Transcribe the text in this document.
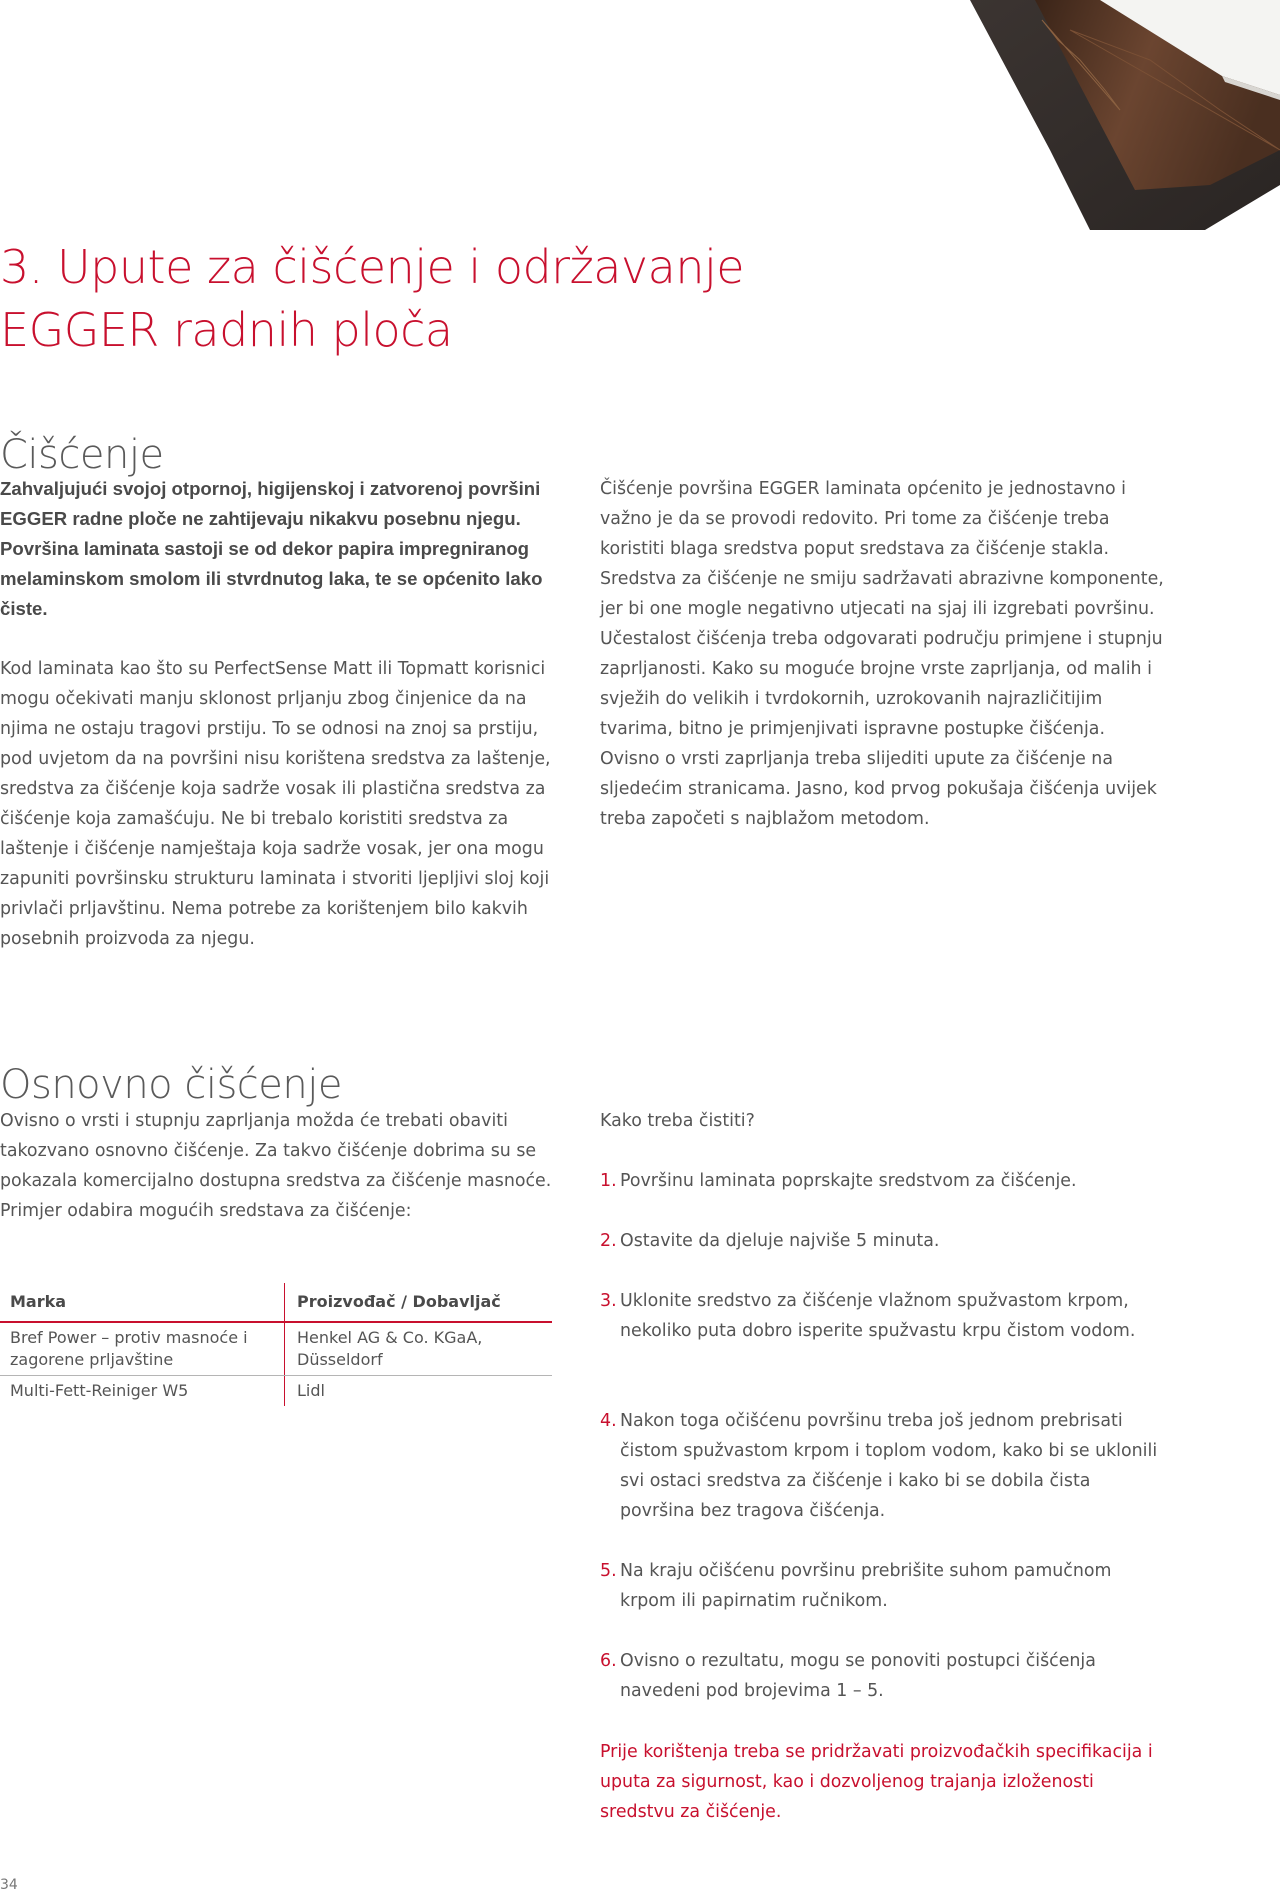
3. Upute za čišćenje i održavanje EGGER radnih ploča
Čišćenje

Zahvaljujući svojoj otpornoj, higijenskoj i zatvorenoj površini EGGER radne ploče ne zahtijevaju nikakvu posebnu njegu. Površina laminata sastoji se od dekor papira impregniranog melaminskom smolom ili stvrdnutog laka, te se općenito lako čiste.

Kod laminata kao što su PerfectSense Matt ili Topmatt korisnici mogu očekivati manju sklonost prljanju zbog činjenice da na njima ne ostaju tragovi prstiju. To se odnosi na znoj sa prstiju, pod uvjetom da na površini nisu korištena sredstva za laštenje, sredstva za čišćenje koja sadrže vosak ili plastična sredstva za čišćenje koja zamašćuju. Ne bi trebalo koristiti sredstva za laštenje i čišćenje namještaja koja sadrže vosak, jer ona mogu zapuniti površinsku strukturu laminata i stvoriti ljepljivi sloj koji privlači prljavštinu. Nema potrebe za korištenjem bilo kakvih posebnih proizvoda za njegu.

Čišćenje površina EGGER laminata općenito je jednostavno i važno je da se provodi redovito. Pri tome za čišćenje treba koristiti blaga sredstva poput sredstava za čišćenje stakla. Sredstva za čišćenje ne smiju sadržavati abrazivne komponente, jer bi one mogle negativno utjecati na sjaj ili izgrebati površinu. Učestalost čišćenja treba odgovarati području primjene i stupnju zaprljanosti. Kako su moguće brojne vrste zaprljanja, od malih i svježih do velikih i tvrdokornih, uzrokovanih najrazličitijim tvarima, bitno je primjenjivati ispravne postupke čišćenja. Ovisno o vrsti zaprljanja treba slijediti upute za čišćenje na sljedećim stranicama. Jasno, kod prvog pokušaja čišćenja uvijek treba započeti s najblažom metodom.

Osnovno čišćenje

Ovisno o vrsti i stupnju zaprljanja možda će trebati obaviti takozvano osnovno čišćenje. Za takvo čišćenje dobrima su se pokazala komercijalno dostupna sredstva za čišćenje masnoće. Primjer odabira mogućih sredstava za čišćenje:

Marka	Proizvođač / Dobavljač
Bref Power – protiv masnoće i zagorene prljavštine
Henkel AG & Co. KGaA, Düsseldorf
Multi-Fett-Reiniger W5	Lidl

Kako treba čistiti?

1. Površinu laminata poprskajte sredstvom za čišćenje.
2. Ostavite da djeluje najviše 5 minuta.
3. Uklonite sredstvo za čišćenje vlažnom spužvastom krpom, nekoliko puta dobro isperite spužvastu krpu čistom vodom.
4. Nakon toga očišćenu površinu treba još jednom prebrisati čistom spužvastom krpom i toplom vodom, kako bi se uklonili svi ostaci sredstva za čišćenje i kako bi se dobila čista površina bez tragova čišćenja.
5. Na kraju očišćenu površinu prebrišite suhom pamučnom krpom ili papirnatim ručnikom.
6. Ovisno o rezultatu, mogu se ponoviti postupci čišćenja navedeni pod brojevima 1 – 5.

Prije korištenja treba se pridržavati proizvođačkih specifikacija i uputa za sigurnost, kao i dozvoljenog trajanja izloženosti sredstvu za čišćenje.

34
